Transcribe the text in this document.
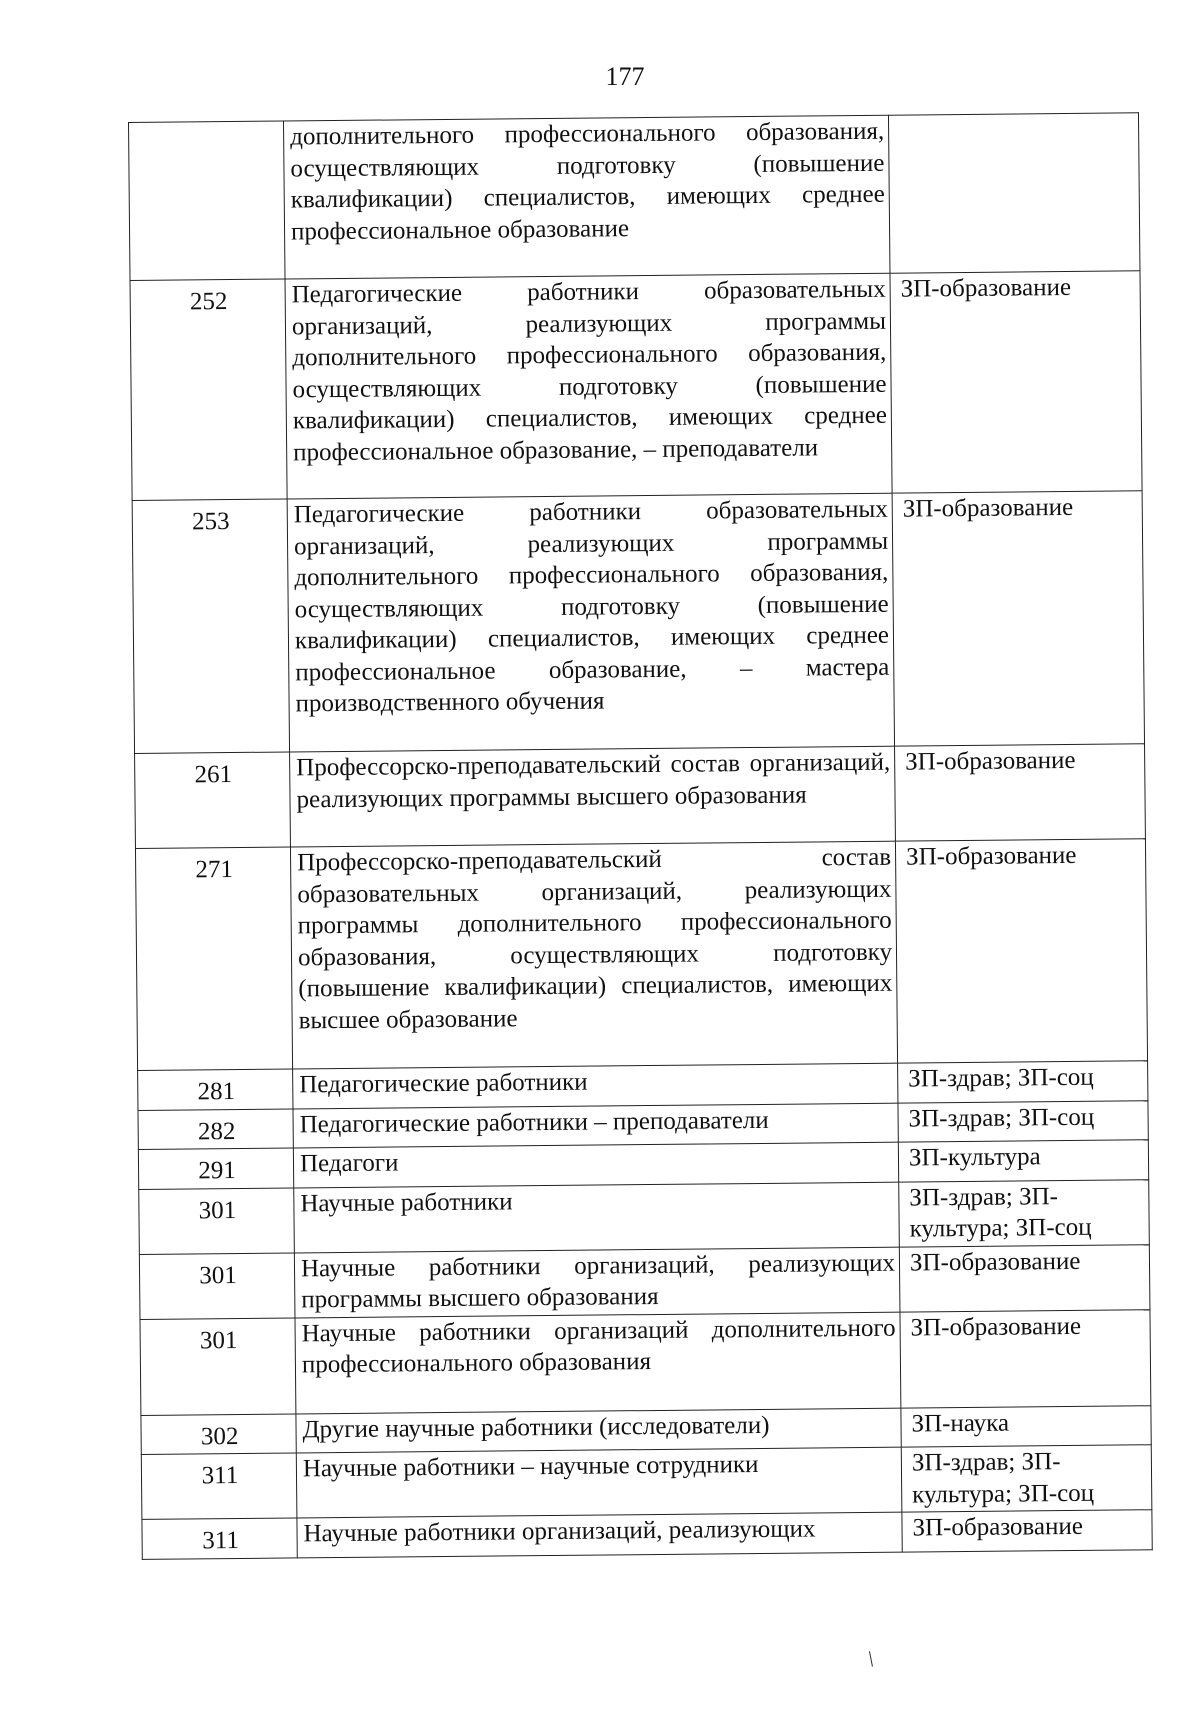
177
	дополнительного профессионального образования, осуществляющих подготовку (повышение квалификации) специалистов, имеющих среднее профессиональное образование	
252	Педагогические работники образовательных организаций, реализующих программы дополнительного профессионального образования, осуществляющих подготовку (повышение квалификации) специалистов, имеющих среднее профессиональное образование, – преподаватели	ЗП-образование
253	Педагогические работники образовательных организаций, реализующих программы дополнительного профессионального образования, осуществляющих подготовку (повышение квалификации) специалистов, имеющих среднее профессиональное образование, – мастера производственного обучения	ЗП-образование
261	Профессорско-преподавательский состав организаций, реализующих программы высшего образования	ЗП-образование
271	Профессорско-преподавательский состав образовательных организаций, реализующих программы дополнительного профессионального образования, осуществляющих подготовку (повышение квалификации) специалистов, имеющих высшее образование	ЗП-образование
281	Педагогические работники	ЗП-здрав; ЗП-соц
282	Педагогические работники – преподаватели	ЗП-здрав; ЗП-соц
291	Педагоги	ЗП-культура
301	Научные работники	ЗП-здрав; ЗП-культура; ЗП-соц
301	Научные работники организаций, реализующих программы высшего образования	ЗП-образование
301	Научные работники организаций дополнительного профессионального образования	ЗП-образование
302	Другие научные работники (исследователи)	ЗП-наука
311	Научные работники – научные сотрудники	ЗП-здрав; ЗП-культура; ЗП-соц
311	Научные работники организаций, реализующих	ЗП-образование
/
